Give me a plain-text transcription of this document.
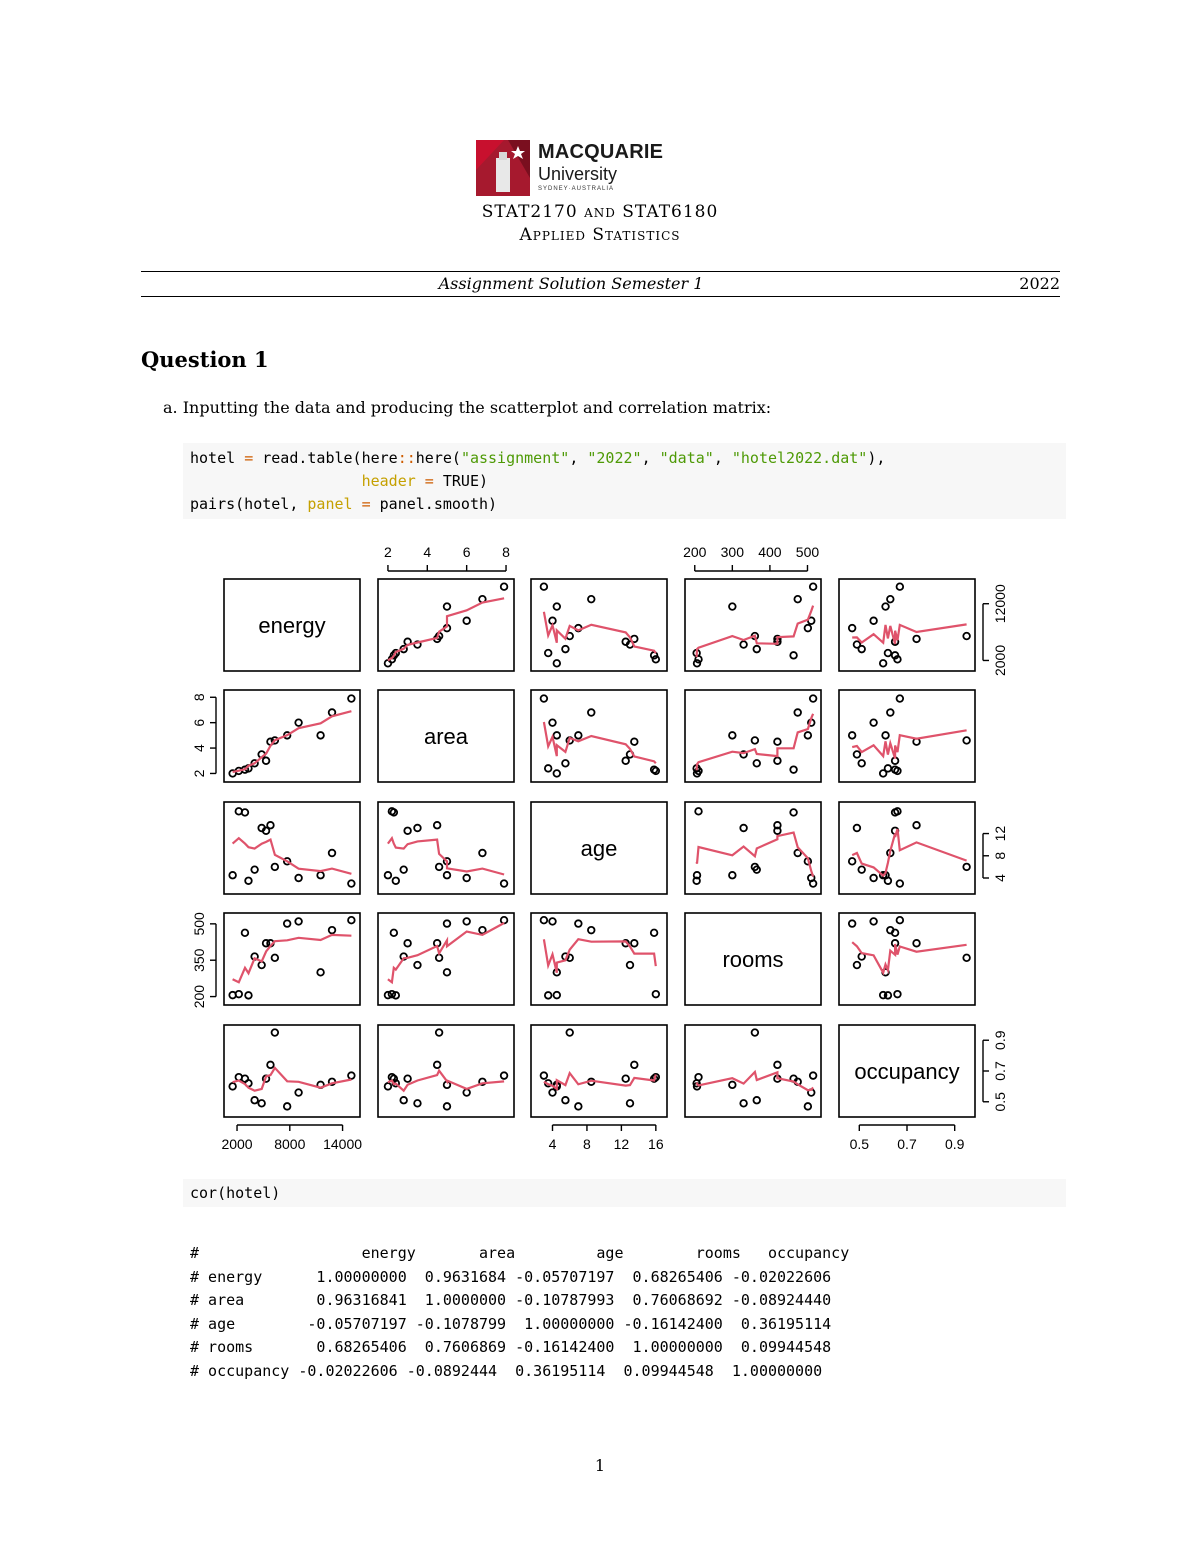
MACQUARIE
University
SYDNEY·AUSTRALIA
STAT2170 and STAT6180
Applied Statistics
Assignment Solution Semester 1	2022
Question 1
a. Inputting the data and producing the scatterplot and correlation matrix:
hotel = read.table(here::here("assignment", "2022", "data", "hotel2022.dat"),
header = TRUE)
pairs(hotel, panel = panel.smooth)
energy
area
age
rooms
occupancy
2 4 6 8	200 300 400 500
2000 8000 14000	4 8 12 16	0.5 0.7 0.9
2
4
6
8
200
350
500
2000
12000
4
8
12
0.5
0.7
0.9
cor(hotel)
#                  energy       area         age        rooms   occupancy
# energy      1.00000000  0.9631684 -0.05707197  0.68265406 -0.02022606
# area        0.96316841  1.0000000 -0.10787993  0.76068692 -0.08924440
# age        -0.05707197 -0.1078799  1.00000000 -0.16142400  0.36195114
# rooms       0.68265406  0.7606869 -0.16142400  1.00000000  0.09944548
# occupancy -0.02022606 -0.0892444  0.36195114  0.09944548  1.00000000
1
